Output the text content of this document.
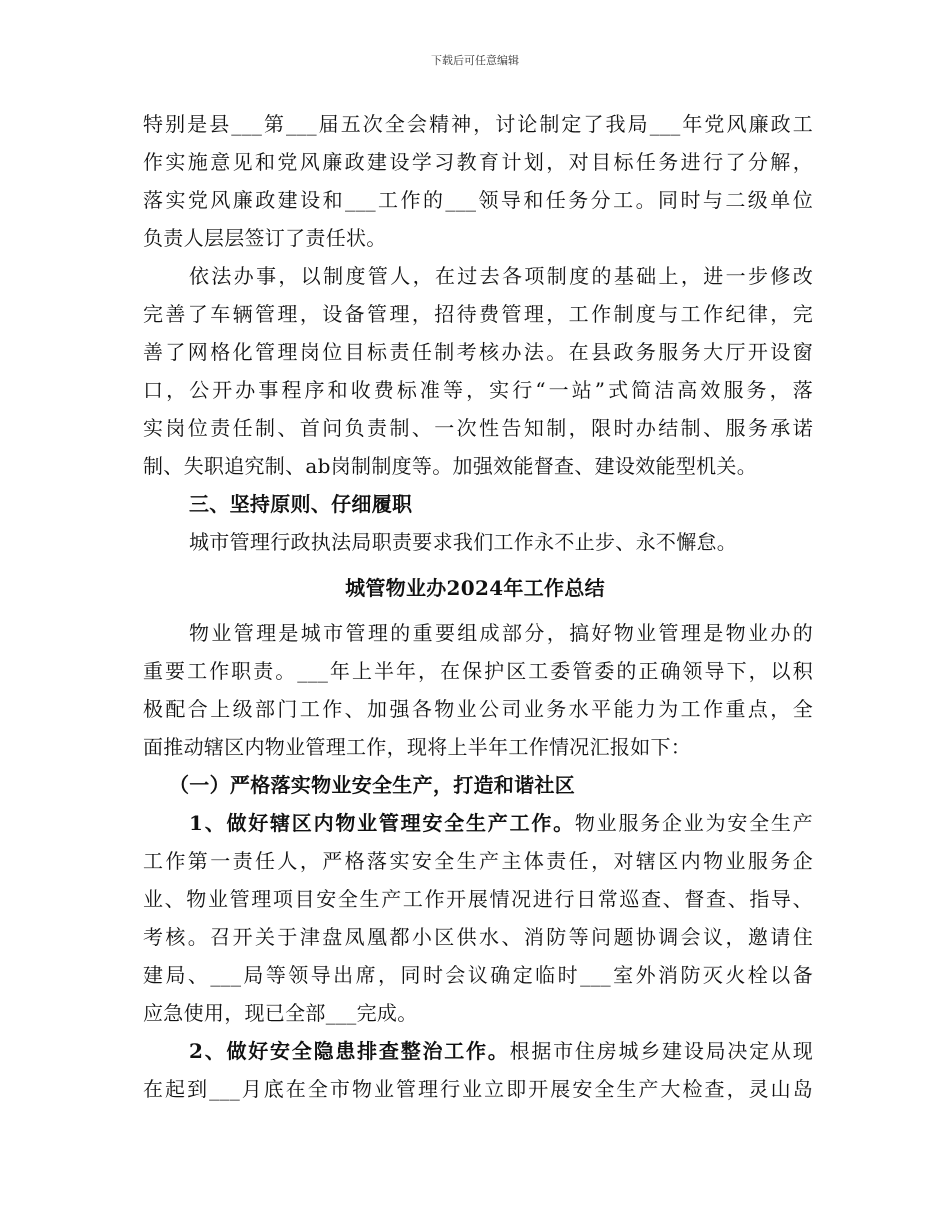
下载后可任意编辑
特别是县___第___届五次全会精神，讨论制定了我局___年党风廉政工
作实施意见和党风廉政建设学习教育计划，对目标任务进行了分解，
落实党风廉政建设和___工作的___领导和任务分工。同时与二级单位
负责人层层签订了责任状。
依法办事，以制度管人，在过去各项制度的基础上，进一步修改
完善了车辆管理，设备管理，招待费管理，工作制度与工作纪律，完
善了网格化管理岗位目标责任制考核办法。在县政务服务大厅开设窗
口，公开办事程序和收费标准等，实行“一站”式简洁高效服务，落
实岗位责任制、首问负责制、一次性告知制，限时办结制、服务承诺
制、失职追究制、ab岗制制度等。加强效能督查、建设效能型机关。
三、坚持原则、仔细履职
城市管理行政执法局职责要求我们工作永不止步、永不懈怠。
城管物业办2024年工作总结
物业管理是城市管理的重要组成部分，搞好物业管理是物业办的
重要工作职责。___年上半年，在保护区工委管委的正确领导下，以积
极配合上级部门工作、加强各物业公司业务水平能力为工作重点，全
面推动辖区内物业管理工作，现将上半年工作情况汇报如下：
（一）严格落实物业安全生产，打造和谐社区
1、做好辖区内物业管理安全生产工作。物业服务企业为安全生产
工作第一责任人，严格落实安全生产主体责任，对辖区内物业服务企
业、物业管理项目安全生产工作开展情况进行日常巡查、督查、指导、
考核。召开关于津盘凤凰都小区供水、消防等问题协调会议，邀请住
建局、___局等领导出席，同时会议确定临时___室外消防灭火栓以备
应急使用，现已全部___完成。
2、做好安全隐患排查整治工作。根据市住房城乡建设局决定从现
在起到___月底在全市物业管理行业立即开展安全生产大检查，灵山岛
